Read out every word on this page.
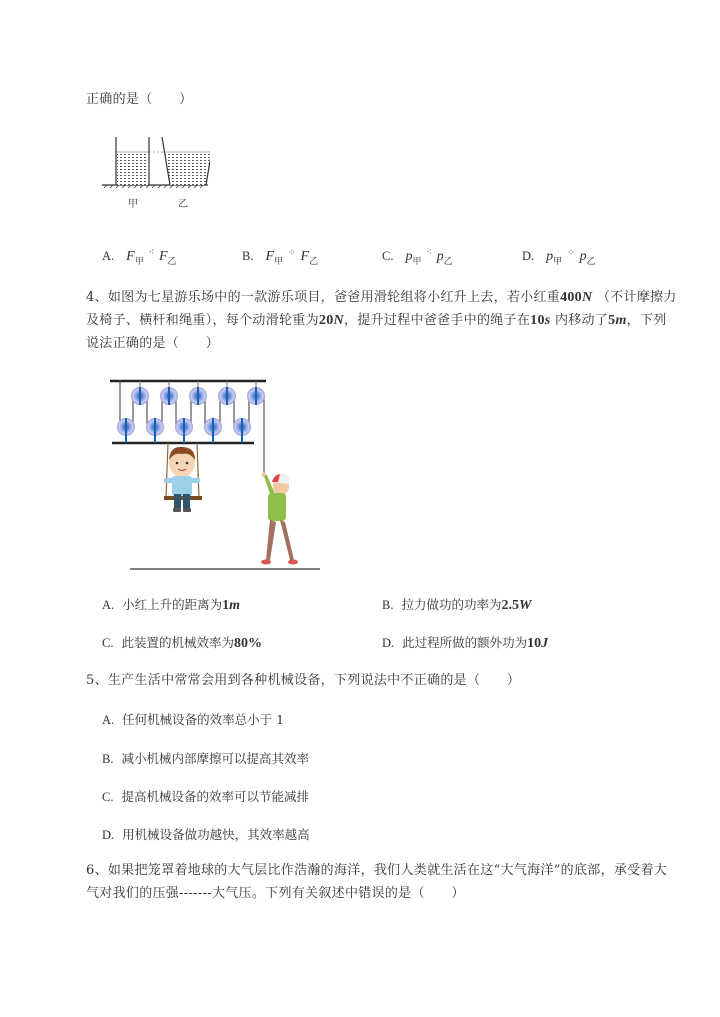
正确的是（　　）
甲	乙
A. $F_甲$ ⁖ $F_乙$	B. $F_甲$ ⁘ $F_乙$	C. $p_甲$ ⁖ $p_乙$	D. $p_甲$ ⁘ $p_乙$
4、如图为七星游乐场中的一款游乐项目，爸爸用滑轮组将小红升上去，若小红重400N （不计摩擦力
及椅子、横杆和绳重），每个动滑轮重为20N，提升过程中爸爸手中的绳子在10s 内移动了5m，下列
说法正确的是（　　）
A. 小红上升的距离为1m	B. 拉力做功的功率为2.5W
C. 此装置的机械效率为80%	D. 此过程所做的额外功为10J
5、生产生活中常常会用到各种机械设备，下列说法中不正确的是（　　）
A. 任何机械设备的效率总小于 1
B. 减小机械内部摩擦可以提高其效率
C. 提高机械设备的效率可以节能减排
D. 用机械设备做功越快，其效率越高
6、如果把笼罩着地球的大气层比作浩瀚的海洋，我们人类就生活在这“大气海洋”的底部，承受着大
气对我们的压强-------大气压。下列有关叙述中错误的是（　　）
